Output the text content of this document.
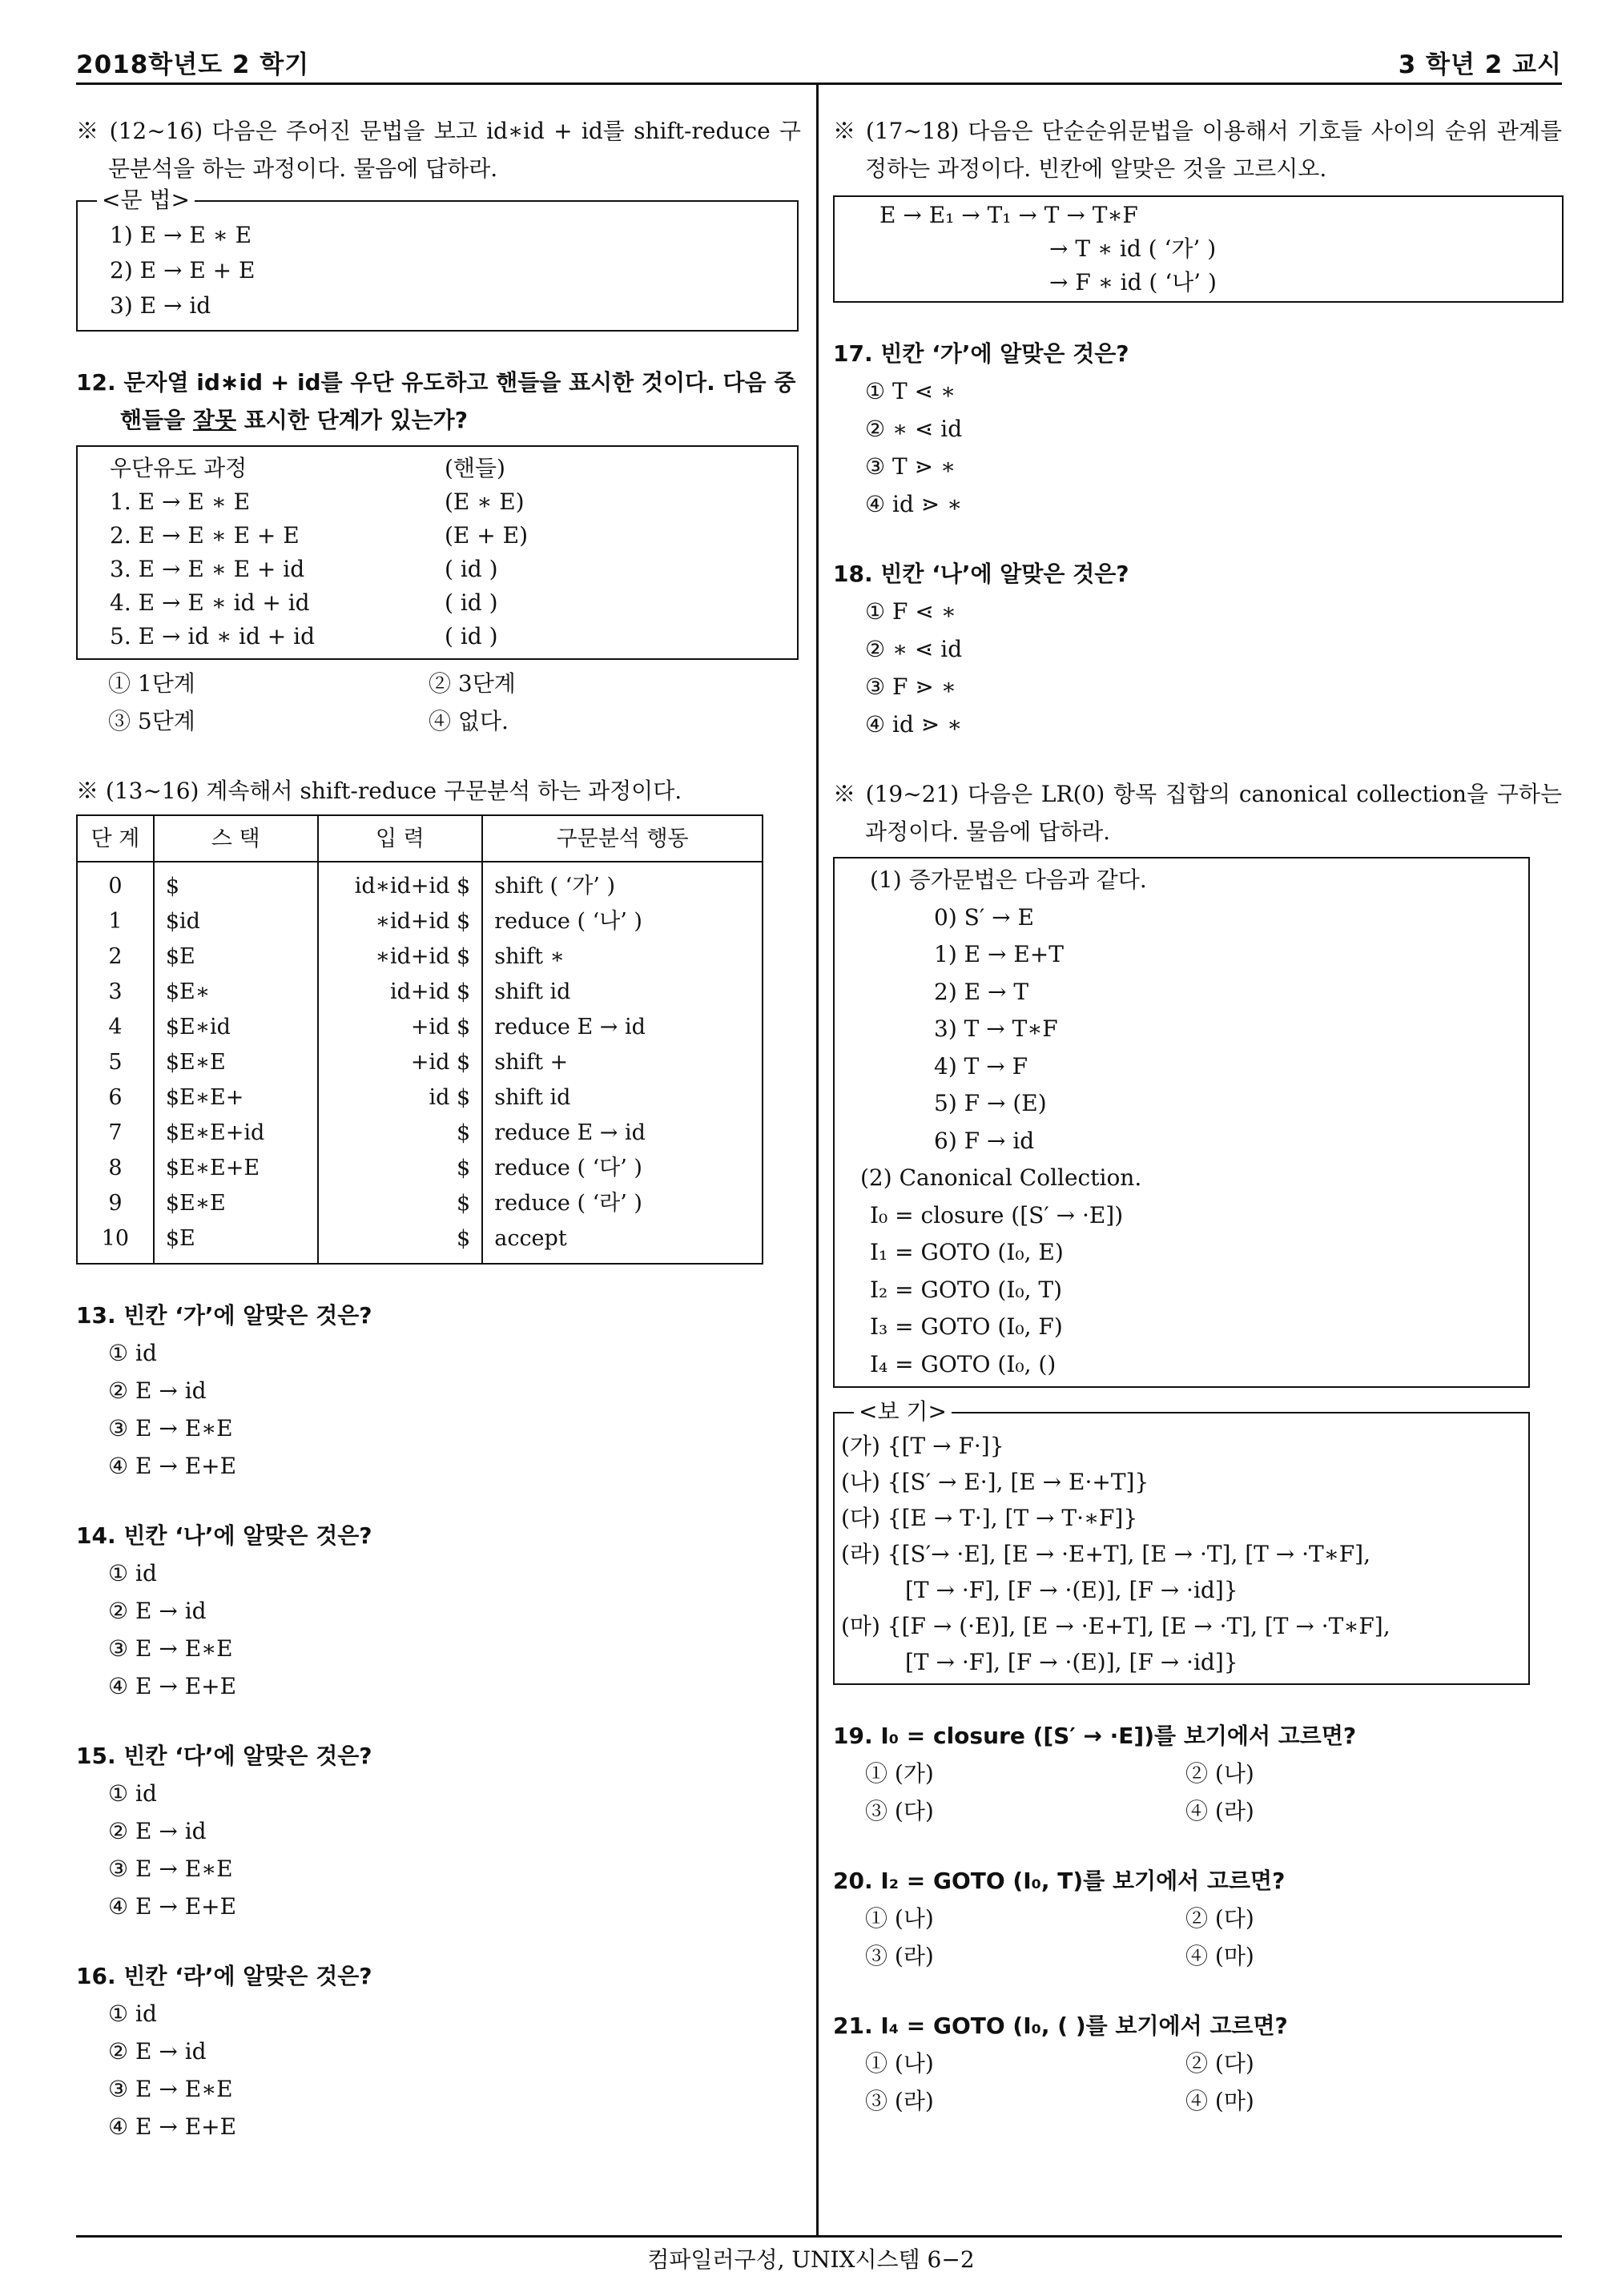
2018학년도 2 학기	3 학년 2 교시
※ (12∼16) 다음은 주어진 문법을 보고 id∗id + id를 shift-reduce 구문분석을 하는 과정이다. 물음에 답하라.
<문 법>
1) E → E ∗ E
2) E → E + E
3) E → id
12. 문자열 id∗id + id를 우단 유도하고 핸들을 표시한 것이다. 다음 중 핸들을 잘못 표시한 단계가 있는가?
우단유도 과정	(핸들)
1. E → E ∗ E	(E ∗ E)
2. E → E ∗ E + E	(E + E)
3. E → E ∗ E + id	( id )
4. E → E ∗ id + id	( id )
5. E → id ∗ id + id	( id )
① 1단계	② 3단계
③ 5단계	④ 없다.
※ (13∼16) 계속해서 shift-reduce 구문분석 하는 과정이다.
단 계	스 택	입 력	구문분석 행동
0	$	id∗id+id $	shift ( ‘가’ )
1	$id	∗id+id $	reduce ( ‘나’ )
2	$E	∗id+id $	shift ∗
3	$E∗	id+id $	shift id
4	$E∗id	+id $	reduce E → id
5	$E∗E	+id $	shift +
6	$E∗E+	id $	shift id
7	$E∗E+id	$	reduce E → id
8	$E∗E+E	$	reduce ( ‘다’ )
9	$E∗E	$	reduce ( ‘라’ )
10	$E	$	accept
13. 빈칸 ‘가’에 알맞은 것은?
① id
② E → id
③ E → E∗E
④ E → E+E
14. 빈칸 ‘나’에 알맞은 것은?
① id
② E → id
③ E → E∗E
④ E → E+E
15. 빈칸 ‘다’에 알맞은 것은?
① id
② E → id
③ E → E∗E
④ E → E+E
16. 빈칸 ‘라’에 알맞은 것은?
① id
② E → id
③ E → E∗E
④ E → E+E
※ (17∼18) 다음은 단순순위문법을 이용해서 기호들 사이의 순위 관계를 정하는 과정이다. 빈칸에 알맞은 것을 고르시오.
E → E₁ → T₁ → T → T∗F
→ T ∗ id ( ‘가’ )
→ F ∗ id ( ‘나’ )
17. 빈칸 ‘가’에 알맞은 것은?
① T ⋖ ∗
② ∗ ⋖ id
③ T ⋗ ∗
④ id ⋗ ∗
18. 빈칸 ‘나’에 알맞은 것은?
① F ⋖ ∗
② ∗ ⋖ id
③ F ⋗ ∗
④ id ⋗ ∗
※ (19∼21) 다음은 LR(0) 항목 집합의 canonical collection을 구하는 과정이다. 물음에 답하라.
(1) 증가문법은 다음과 같다.
0) S′ → E
1) E → E+T
2) E → T
3) T → T∗F
4) T → F
5) F → (E)
6) F → id
(2) Canonical Collection.
I₀ = closure ([S′ → ·E])
I₁ = GOTO (I₀, E)
I₂ = GOTO (I₀, T)
I₃ = GOTO (I₀, F)
I₄ = GOTO (I₀, ()
<보 기>
(가) {[T → F·]}
(나) {[S′ → E·], [E → E·+T]}
(다) {[E → T·], [T → T·∗F]}
(라) {[S′→ ·E], [E → ·E+T], [E → ·T], [T → ·T∗F],
[T → ·F], [F → ·(E)], [F → ·id]}
(마) {[F → (·E)], [E → ·E+T], [E → ·T], [T → ·T∗F],
[T → ·F], [F → ·(E)], [F → ·id]}
19. I₀ = closure ([S′ → ·E])를 보기에서 고르면?
① (가)	② (나)
③ (다)	④ (라)
20. I₂ = GOTO (I₀, T)를 보기에서 고르면?
① (나)	② (다)
③ (라)	④ (마)
21. I₄ = GOTO (I₀, ( )를 보기에서 고르면?
① (나)	② (다)
③ (라)	④ (마)
컴파일러구성, UNIX시스템 6−2
